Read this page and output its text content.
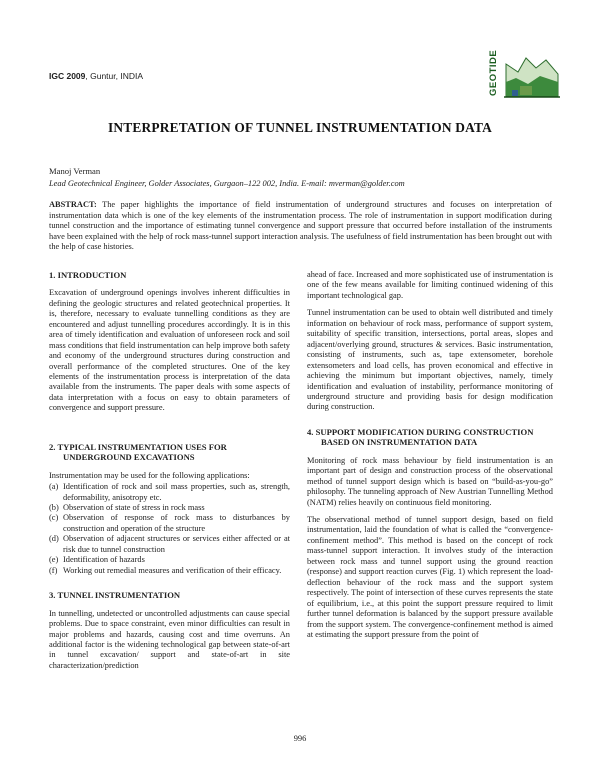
IGC 2009, Guntur, INDIA	GEOTIDE
INTERPRETATION OF TUNNEL INSTRUMENTATION DATA
Manoj Verman
Lead Geotechnical Engineer, Golder Associates, Gurgaon–122 002, India. E-mail: mverman@golder.com
ABSTRACT: The paper highlights the importance of field instrumentation of underground structures and focuses on interpretation of instrumentation data which is one of the key elements of the instrumentation process. The role of instrumentation in support modification during tunnel construction and the importance of estimating tunnel convergence and support pressure that occurred before installation of the instruments have been explained with the help of rock mass-tunnel support interaction analysis. The usefulness of field instrumentation has been brought out with the help of case histories.
1. INTRODUCTION

Excavation of underground openings involves inherent difficulties in defining the geologic structures and related geotechnical properties. It is, therefore, necessary to evaluate tunnelling conditions as they are encountered and adjust tunnelling procedures accordingly. It is in this area of timely identification and evaluation of unforeseen rock and soil mass conditions that field instrumentation can help improve both safety and economy of the underground structures during construction and overall performance of the completed structures. One of the key elements of the instrumentation process is interpretation of the data available from the instruments. The paper deals with some aspects of data interpretation with a focus on easy to obtain parameters of convergence and support pressure.

2. TYPICAL INSTRUMENTATION USES FOR UNDERGROUND EXCAVATIONS

Instrumentation may be used for the following applications:

(a) Identification of rock and soil mass properties, such as, strength, deformability, anisotropy etc.
(b) Observation of state of stress in rock mass
(c) Observation of response of rock mass to disturbances by construction and operation of the structure
(d) Observation of adjacent structures or services either affected or at risk due to tunnel construction
(e) Identification of hazards
(f) Working out remedial measures and verification of their efficacy.
3. TUNNEL INSTRUMENTATION

In tunnelling, undetected or uncontrolled adjustments can cause special problems. Due to space constraint, even minor difficulties can result in major problems and hazards, causing cost and time overruns. An additional factor is the widening technological gap between state-of-art in tunnel excavation/ support and state-of-art in site characterization/prediction

ahead of face. Increased and more sophisticated use of instrumentation is one of the few means available for limiting continued widening of this important technological gap.

Tunnel instrumentation can be used to obtain well distributed and timely information on behaviour of rock mass, performance of support system, suitability of specific transition, intersections, portal areas, slopes and adjacent/overlying ground, structures & services. Basic instrumentation, consisting of instruments, such as, tape extensometer, borehole extensometers and load cells, has proven economical and effective in achieving the minimum but important objectives, namely, timely identification and evaluation of instability, performance monitoring of underground structure and providing basis for design modification during construction.

4. SUPPORT MODIFICATION DURING CONSTRUCTION BASED ON INSTRUMENTATION DATA

Monitoring of rock mass behaviour by field instrumentation is an important part of design and construction process of the observational method of tunnel support design which is based on “build-as-you-go” philosophy. The tunneling approach of New Austrian Tunnelling Method (NATM) relies heavily on continuous field monitoring.

The observational method of tunnel support design, based on field instrumentation, laid the foundation of what is called the “convergence-confinement method”. This method is based on the concept of rock mass-tunnel support interaction. It involves study of the interaction between rock mass and tunnel support using the ground reaction (response) and support reaction curves (Fig. 1) which represent the load-deflection behaviour of the rock mass and the support system respectively. The point of intersection of these curves represents the state of equilibrium, i.e., at this point the support pressure required to limit further tunnel deformation is balanced by the support pressure available from the support system. The convergence-confinement method is aimed at estimating the support pressure from the point of

996
